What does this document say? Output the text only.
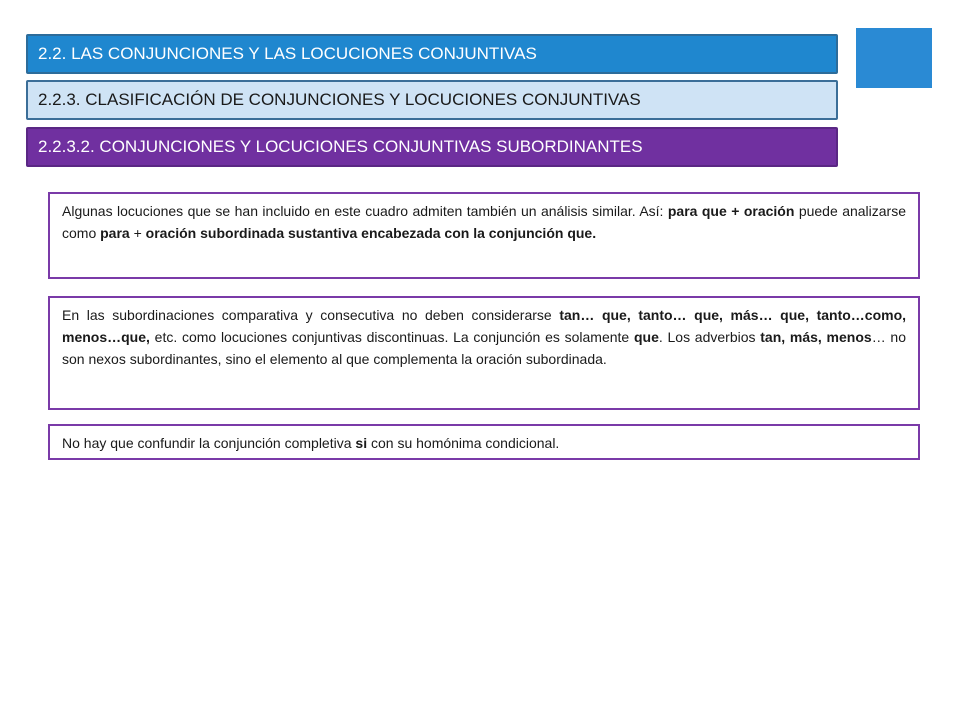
2.2. LAS CONJUNCIONES Y LAS LOCUCIONES CONJUNTIVAS
2.2.3. CLASIFICACIÓN DE CONJUNCIONES Y LOCUCIONES CONJUNTIVAS
2.2.3.2. CONJUNCIONES Y LOCUCIONES CONJUNTIVAS SUBORDINANTES
Algunas locuciones que se han incluido en este cuadro admiten también un análisis similar. Así: para que + oración puede analizarse como para + oración subordinada sustantiva encabezada con la conjunción que.
En las subordinaciones comparativa y consecutiva no deben considerarse tan… que, tanto… que, más… que, tanto…como, menos…que, etc. como locuciones conjuntivas discontinuas. La conjunción es solamente que. Los adverbios tan, más, menos… no son nexos subordinantes, sino el elemento al que complementa la oración subordinada.
No hay que confundir la conjunción completiva si con su homónima condicional.
